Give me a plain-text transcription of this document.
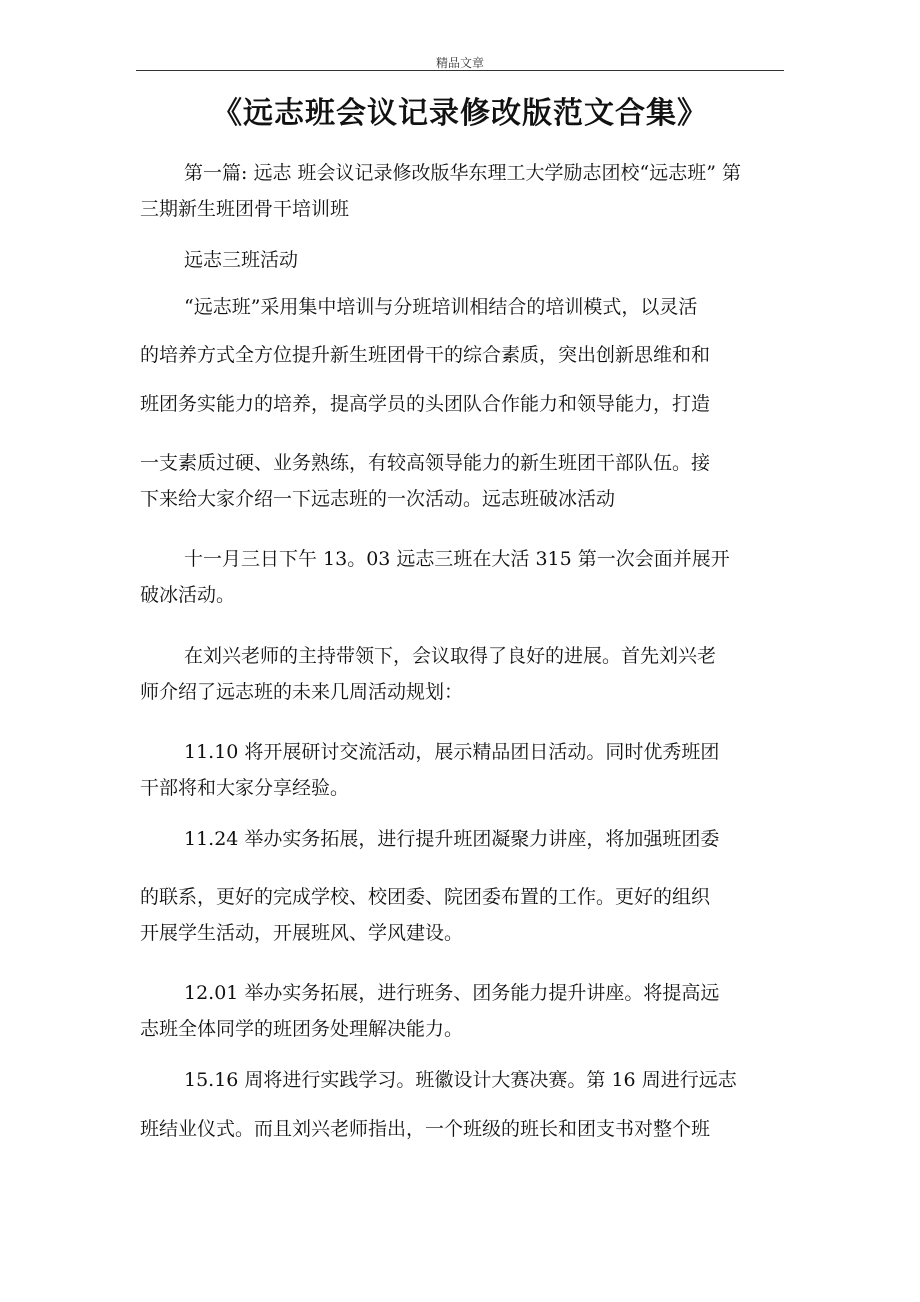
精品文章
《远志班会议记录修改版范文合集》
第一篇: 远志 班会议记录修改版华东理工大学励志团校“远志班” 第
三期新生班团骨干培训班
远志三班活动
“远志班”采用集中培训与分班培训相结合的培训模式，以灵活
的培养方式全方位提升新生班团骨干的综合素质，突出创新思维和和
班团务实能力的培养，提高学员的头团队合作能力和领导能力，打造
一支素质过硬、业务熟练，有较高领导能力的新生班团干部队伍。接
下来给大家介绍一下远志班的一次活动。远志班破冰活动
十一月三日下午 13。03 远志三班在大活 315 第一次会面并展开
破冰活动。
在刘兴老师的主持带领下，会议取得了良好的进展。首先刘兴老
师介绍了远志班的未来几周活动规划：
11.10 将开展研讨交流活动，展示精品团日活动。同时优秀班团
干部将和大家分享经验。
11.24 举办实务拓展，进行提升班团凝聚力讲座，将加强班团委
的联系，更好的完成学校、校团委、院团委布置的工作。更好的组织
开展学生活动，开展班风、学风建设。
12.01 举办实务拓展，进行班务、团务能力提升讲座。将提高远
志班全体同学的班团务处理解决能力。
15.16 周将进行实践学习。班徽设计大赛决赛。第 16 周进行远志
班结业仪式。而且刘兴老师指出，一个班级的班长和团支书对整个班
